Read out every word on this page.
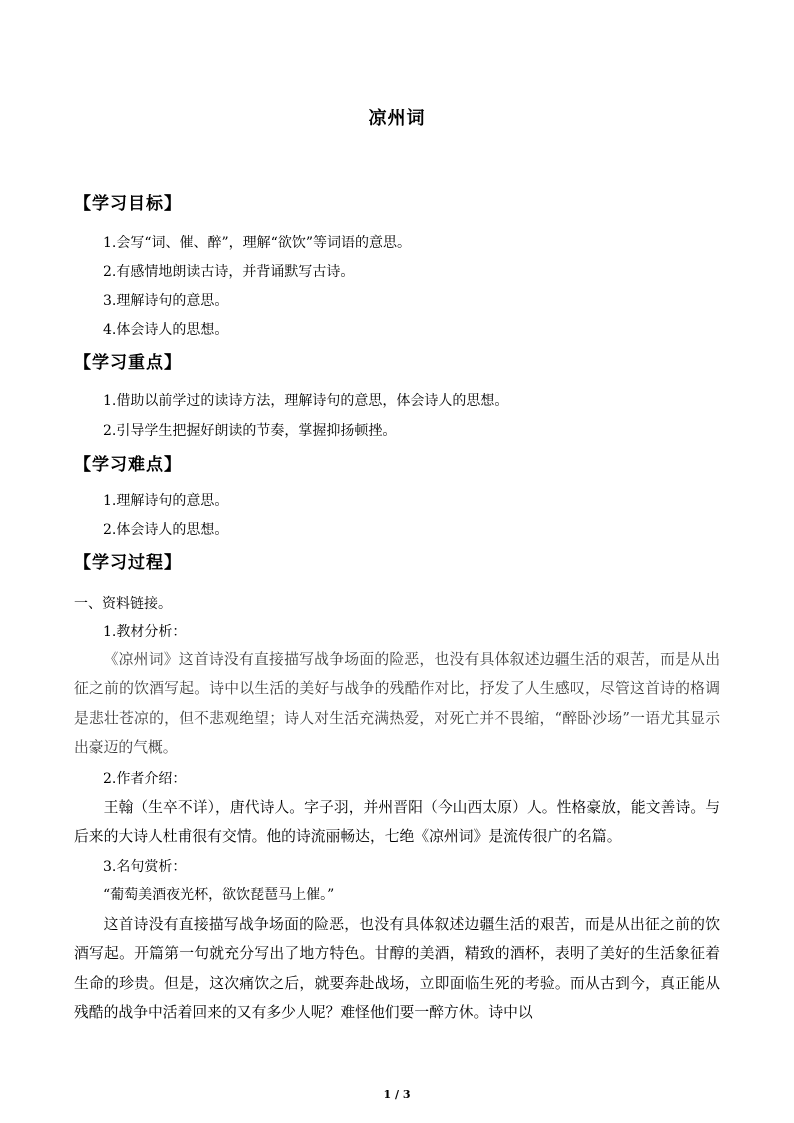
凉州词
【学习目标】
1.会写“词、催、醉”，理解“欲饮”等词语的意思。
2.有感情地朗读古诗，并背诵默写古诗。
3.理解诗句的意思。
4.体会诗人的思想。
【学习重点】
1.借助以前学过的读诗方法，理解诗句的意思，体会诗人的思想。
2.引导学生把握好朗读的节奏，掌握抑扬顿挫。
【学习难点】
1.理解诗句的意思。
2.体会诗人的思想。
【学习过程】
一、资料链接。
1.教材分析：
《凉州词》这首诗没有直接描写战争场面的险恶，也没有具体叙述边疆生活的艰苦，而是从出征之前的饮酒写起。诗中以生活的美好与战争的残酷作对比，抒发了人生感叹，尽管这首诗的格调是悲壮苍凉的，但不悲观绝望；诗人对生活充满热爱，对死亡并不畏缩，“醉卧沙场”一语尤其显示出豪迈的气概。
2.作者介绍：
王翰（生卒不详），唐代诗人。字子羽，并州晋阳（今山西太原）人。性格豪放，能文善诗。与后来的大诗人杜甫很有交情。他的诗流丽畅达，七绝《凉州词》是流传很广的名篇。
3.名句赏析：
“葡萄美酒夜光杯，欲饮琵琶马上催。”
这首诗没有直接描写战争场面的险恶，也没有具体叙述边疆生活的艰苦，而是从出征之前的饮酒写起。开篇第一句就充分写出了地方特色。甘醇的美酒，精致的酒杯，表明了美好的生活象征着生命的珍贵。但是，这次痛饮之后，就要奔赴战场，立即面临生死的考验。而从古到今，真正能从残酷的战争中活着回来的又有多少人呢？难怪他们要一醉方休。诗中以
1 / 3
